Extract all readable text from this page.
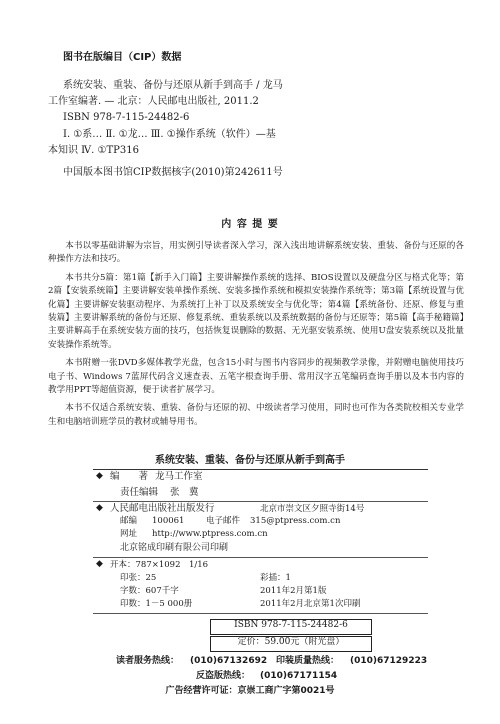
图书在版编目（CIP）数据
系统安装、重装、备份与还原从新手到高手 / 龙马
工作室编著. — 北京：人民邮电出版社, 2011.2
ISBN 978-7-115-24482-6
Ⅰ. ①系… Ⅱ. ①龙… Ⅲ. ①操作系统（软件）—基
本知识 Ⅳ. ①TP316
中国版本图书馆CIP数据核字(2010)第242611号
内 容 提 要

本书以零基础讲解为宗旨，用实例引导读者深入学习，深入浅出地讲解系统安装、重装、备份与还原的各种操作方法和技巧。

本书共分5篇：第1篇【新手入门篇】主要讲解操作系统的选择、BIOS设置以及硬盘分区与格式化等；第2篇【安装系统篇】主要讲解安装单操作系统、安装多操作系统和模拟安装操作系统等；第3篇【系统设置与优化篇】主要讲解安装驱动程序、为系统打上补丁以及系统安全与优化等；第4篇【系统备份、还原、修复与重装篇】主要讲解系统的备份与还原、修复系统、重装系统以及系统数据的备份与还原等；第5篇【高手秘籍篇】主要讲解高手在系统安装方面的技巧，包括恢复误删除的数据、无光驱安装系统、使用U盘安装系统以及批量安装操作系统等。

本书附赠一张DVD多媒体教学光盘，包含15小时与图书内容同步的视频教学录像，并附赠电脑使用技巧电子书、Windows 7蓝屏代码含义速查表、五笔字根查询手册、常用汉字五笔编码查询手册以及本书内容的教学用PPT等超值资源，便于读者扩展学习。

本书不仅适合系统安装、重装、备份与还原的初、中级读者学习使用，同时也可作为各类院校相关专业学生和电脑培训班学员的教材或辅导用书。

系统安装、重装、备份与还原从新手到高手
◆ 编　　著 龙马工作室
责任编辑 张　冀
◆ 人民邮电出版社出版发行	北京市崇文区夕照寺街14号
邮编 100061	电子邮件 315@ptpress.com.cn
网址 http://www.ptpress.com.cn
北京铭成印刷有限公司印刷
◆ 开本：787×1092　1/16
印张：25	彩插：1
字数：607千字	2011年2月第1版
印数：1－5 000册	2011年2月北京第1次印刷
ISBN 978-7-115-24482-6
定价：59.00元（附光盘）
读者服务热线： (010)67132692 印装质量热线： (010)67129223
反盗版热线： (010)67171154
广告经营许可证：京崇工商广字第0021号
